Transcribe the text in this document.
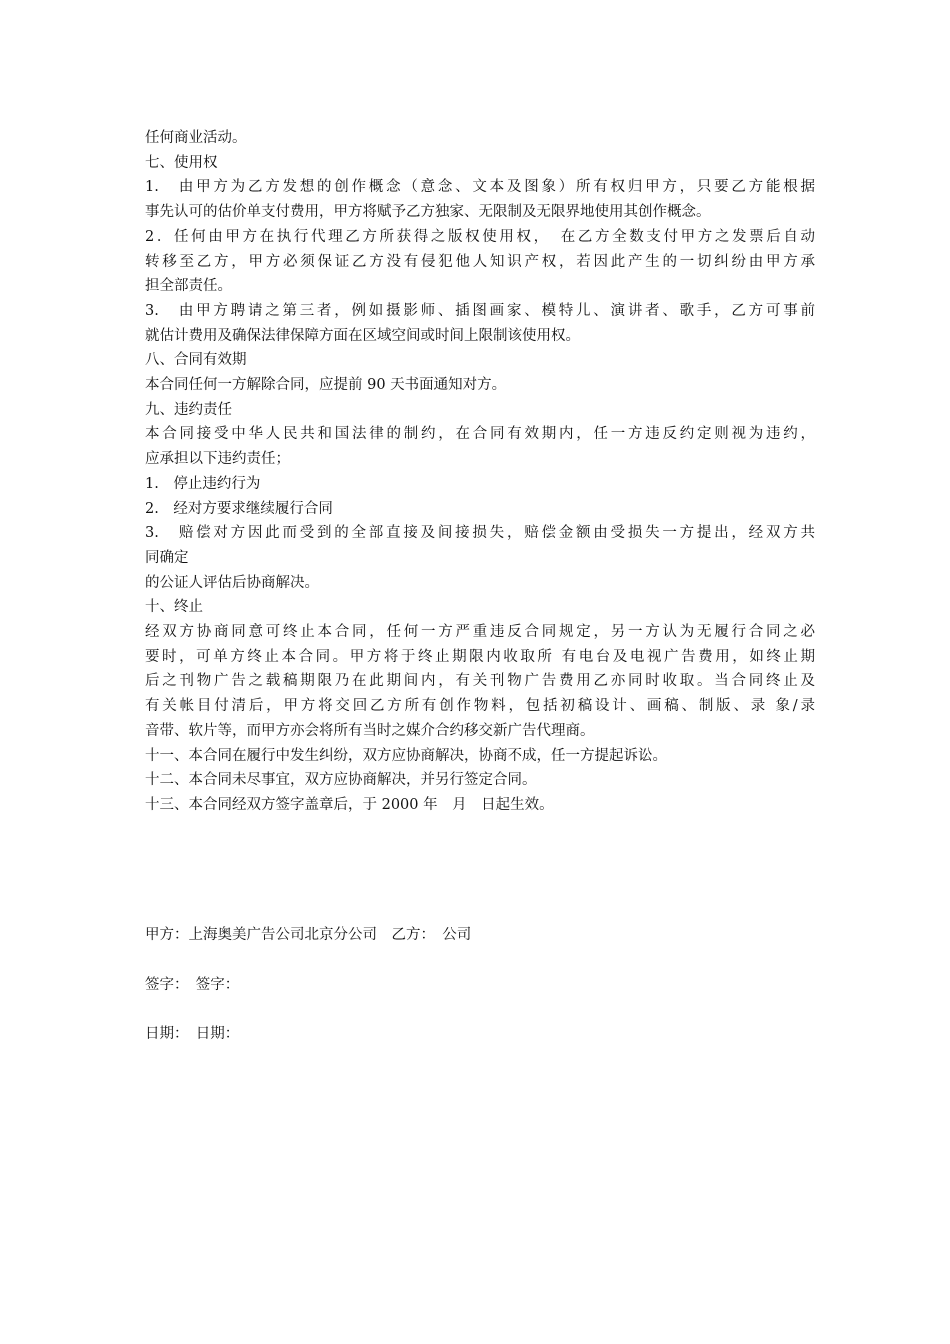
任何商业活动。
七、使用权
1.　由甲方为乙方发想的创作概念（意念、文本及图象）所有权归甲方，只要乙方能根据
事先认可的估价单支付费用，甲方将赋予乙方独家、无限制及无限界地使用其创作概念。
2．任何由甲方在执行代理乙方所获得之版权使用权，　在乙方全数支付甲方之发票后自动
转移至乙方，甲方必须保证乙方没有侵犯他人知识产权，若因此产生的一切纠纷由甲方承
担全部责任。
3.　由甲方聘请之第三者，例如摄影师、插图画家、模特儿、演讲者、歌手，乙方可事前
就估计费用及确保法律保障方面在区域空间或时间上限制该使用权。
八、合同有效期
本合同任何一方解除合同，应提前 90 天书面通知对方。
九、违约责任
本合同接受中华人民共和国法律的制约，在合同有效期内，任一方违反约定则视为违约，
应承担以下违约责任；
1.　停止违约行为
2.　经对方要求继续履行合同
3.　赔偿对方因此而受到的全部直接及间接损失，赔偿金额由受损失一方提出，经双方共
同确定
的公证人评估后协商解决。
十、终止
经双方协商同意可终止本合同，任何一方严重违反合同规定，另一方认为无履行合同之必
要时，可单方终止本合同。甲方将于终止期限内收取所 有电台及电视广告费用，如终止期
后之刊物广告之载稿期限乃在此期间内，有关刊物广告费用乙亦同时收取。当合同终止及
有关帐目付清后，甲方将交回乙方所有创作物料，包括初稿设计、画稿、制版、录 象/录
音带、软片等，而甲方亦会将所有当时之媒介合约移交新广告代理商。
十一、本合同在履行中发生纠纷，双方应协商解决，协商不成，任一方提起诉讼。
十二、本合同未尽事宜，双方应协商解决，并另行签定合同。
十三、本合同经双方签字盖章后，于 2000 年　月　日起生效。
甲方：上海奥美广告公司北京分公司　乙方：　公司
签字：　签字：
日期：　日期：
